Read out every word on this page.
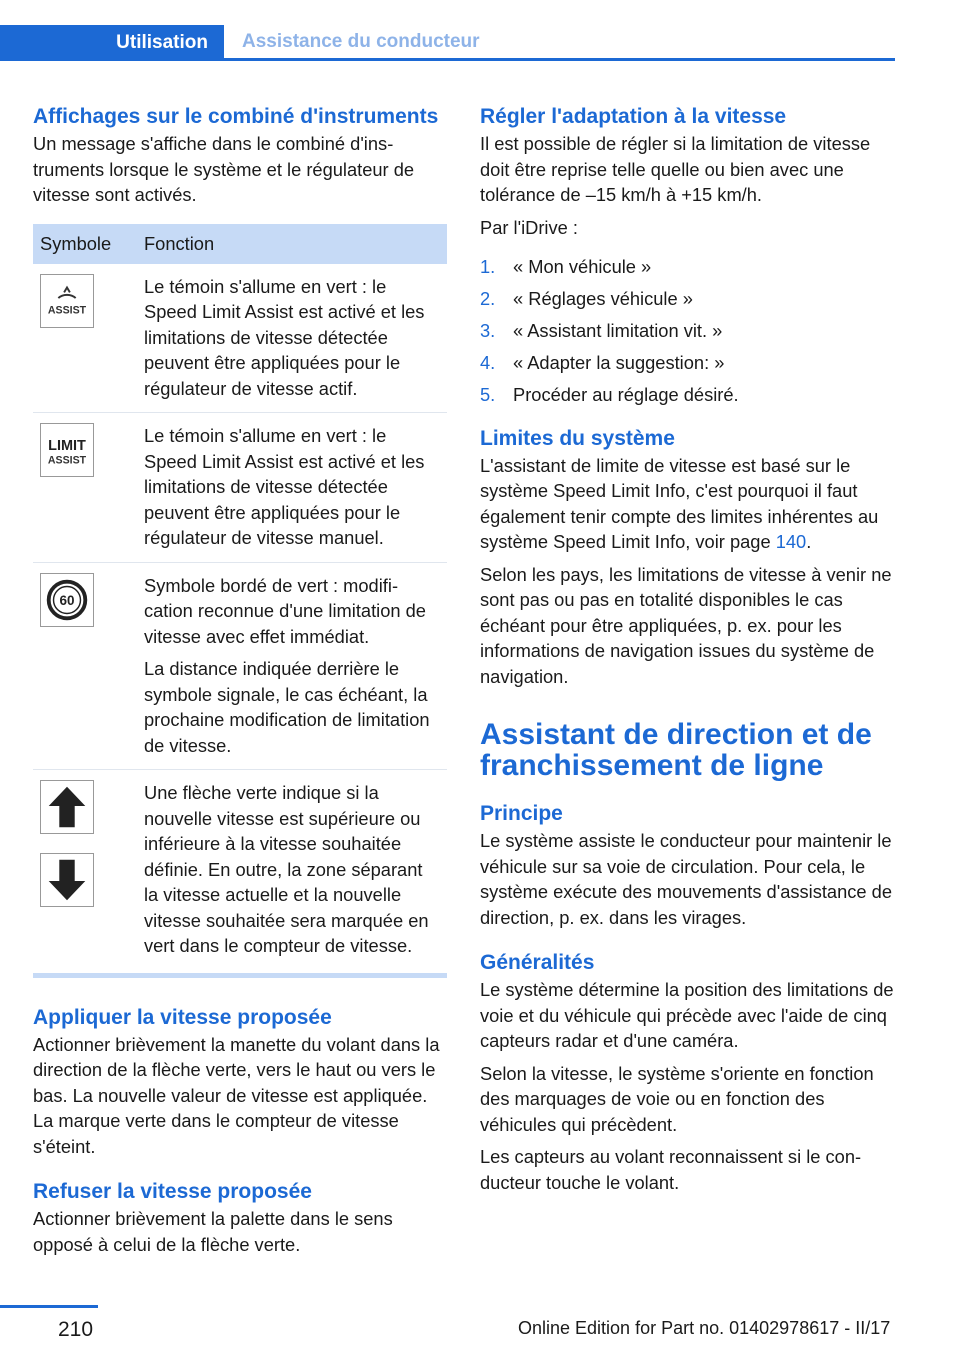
Utilisation	Assistance du conducteur
Affichages sur le combiné d'instruments

Un message s'affiche dans le combiné d'instruments lorsque le système et le régulateur de vitesse sont activés.

Symbole	Fonction

ASSIST	Le témoin s'allume en vert : le Speed Limit Assist est activé et les limitations de vitesse détectée peuvent être appliquées pour le régulateur de vitesse actif.

LIMIT
ASSIST	Le témoin s'allume en vert : le Speed Limit Assist est activé et les limitations de vitesse détectée peuvent être appliquées pour le régulateur de vitesse manuel.

60	Symbole bordé de vert : modification reconnue d'une limitation de vitesse avec effet immédiat.
La distance indiquée derrière le symbole signale, le cas échéant, la prochaine modification de limitation de vitesse.

	Une flèche verte indique si la nouvelle vitesse est supérieure ou inférieure à la vitesse souhaitée définie. En outre, la zone séparant la vitesse actuelle et la nouvelle vitesse souhaitée sera marquée en vert dans le compteur de vitesse.
Appliquer la vitesse proposée

Actionner brièvement la manette du volant dans la direction de la flèche verte, vers le haut ou vers le bas. La nouvelle valeur de vitesse est appliquée. La marque verte dans le compteur de vitesse s'éteint.

Refuser la vitesse proposée

Actionner brièvement la palette dans le sens opposé à celui de la flèche verte.

Régler l'adaptation à la vitesse

Il est possible de régler si la limitation de vitesse doit être reprise telle quelle ou bien avec une tolérance de –15 km/h à +15 km/h.

Par l'iDrive :

1. « Mon véhicule »
2. « Réglages véhicule »
3. « Assistant limitation vit. »
4. « Adapter la suggestion: »
5. Procéder au réglage désiré.
Limites du système

L'assistant de limite de vitesse est basé sur le système Speed Limit Info, c'est pourquoi il faut également tenir compte des limites inhérentes au système Speed Limit Info, voir page 140.

Selon les pays, les limitations de vitesse à venir ne sont pas ou pas en totalité disponibles le cas échéant pour être appliquées, p. ex. pour les informations de navigation issues du système de navigation.

Assistant de direction et de franchissement de ligne
Principe

Le système assiste le conducteur pour maintenir le véhicule sur sa voie de circulation. Pour cela, le système exécute des mouvements d'assistance de direction, p. ex. dans les virages.

Généralités

Le système détermine la position des limitations de voie et du véhicule qui précède avec l'aide de cinq capteurs radar et d'une caméra.

Selon la vitesse, le système s'oriente en fonction des marquages de voie ou en fonction des véhicules qui précèdent.

Les capteurs au volant reconnaissent si le conducteur touche le volant.

210	Online Edition for Part no. 01402978617 - II/17
